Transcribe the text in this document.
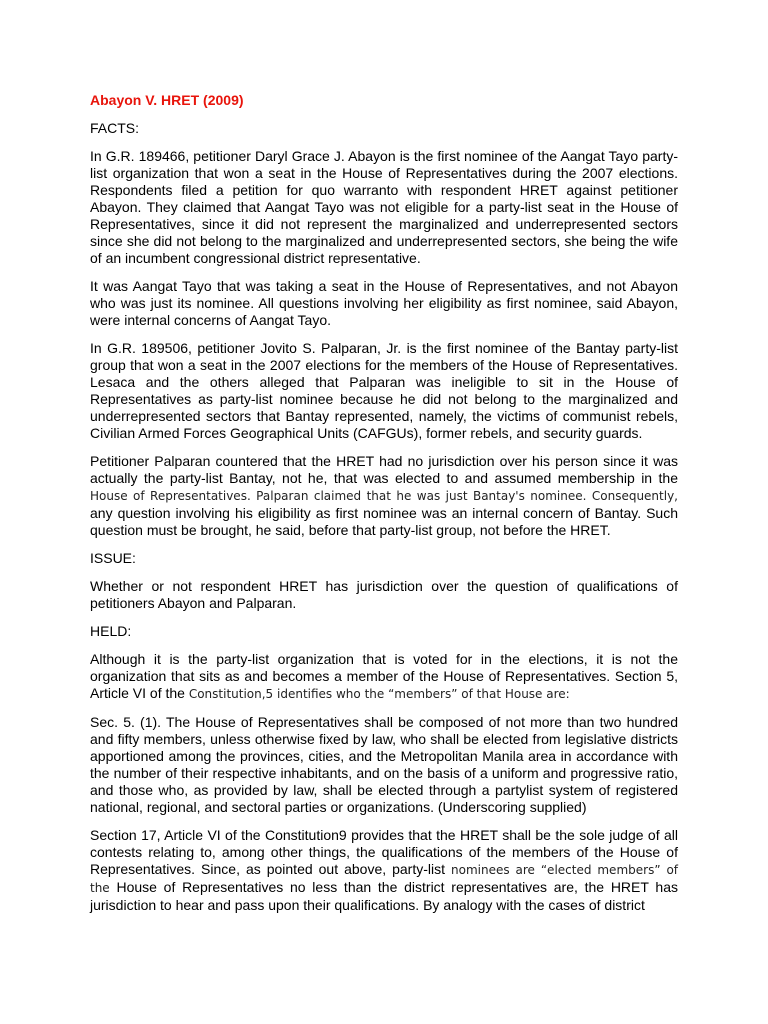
Abayon V. HRET (2009)
FACTS:

In G.R. 189466, petitioner Daryl Grace J. Abayon is the first nominee of the Aangat Tayo party-list organization that won a seat in the House of Representatives during the 2007 elections. Respondents filed a petition for quo warranto with respondent HRET against petitioner Abayon. They claimed that Aangat Tayo was not eligible for a party-list seat in the House of Representatives, since it did not represent the marginalized and underrepresented sectors since she did not belong to the marginalized and underrepresented sectors, she being the wife of an incumbent congressional district representative.

It was Aangat Tayo that was taking a seat in the House of Representatives, and not Abayon who was just its nominee. All questions involving her eligibility as first nominee, said Abayon, were internal concerns of Aangat Tayo.

In G.R. 189506, petitioner Jovito S. Palparan, Jr. is the first nominee of the Bantay party-list group that won a seat in the 2007 elections for the members of the House of Representatives. Lesaca and the others alleged that Palparan was ineligible to sit in the House of Representatives as party-list nominee because he did not belong to the marginalized and underrepresented sectors that Bantay represented, namely, the victims of communist rebels, Civilian Armed Forces Geographical Units (CAFGUs), former rebels, and security guards.

Petitioner Palparan countered that the HRET had no jurisdiction over his person since it was actually the party-list Bantay, not he, that was elected to and assumed membership in the House of Representatives. Palparan claimed that he was just Bantay's nominee. Consequently, any question involving his eligibility as first nominee was an internal concern of Bantay. Such question must be brought, he said, before that party-list group, not before the HRET.

ISSUE:

Whether or not respondent HRET has jurisdiction over the question of qualifications of petitioners Abayon and Palparan.

HELD:

Although it is the party-list organization that is voted for in the elections, it is not the organization that sits as and becomes a member of the House of Representatives. Section 5, Article VI of the Constitution,5 identifies who the “members” of that House are:

Sec. 5. (1). The House of Representatives shall be composed of not more than two hundred and fifty members, unless otherwise fixed by law, who shall be elected from legislative districts apportioned among the provinces, cities, and the Metropolitan Manila area in accordance with the number of their respective inhabitants, and on the basis of a uniform and progressive ratio, and those who, as provided by law, shall be elected through a partylist system of registered national, regional, and sectoral parties or organizations. (Underscoring supplied)

Section 17, Article VI of the Constitution9 provides that the HRET shall be the sole judge of all contests relating to, among other things, the qualifications of the members of the House of Representatives. Since, as pointed out above, party-list nominees are “elected members” of the House of Representatives no less than the district representatives are, the HRET has jurisdiction to hear and pass upon their qualifications. By analogy with the cases of district
